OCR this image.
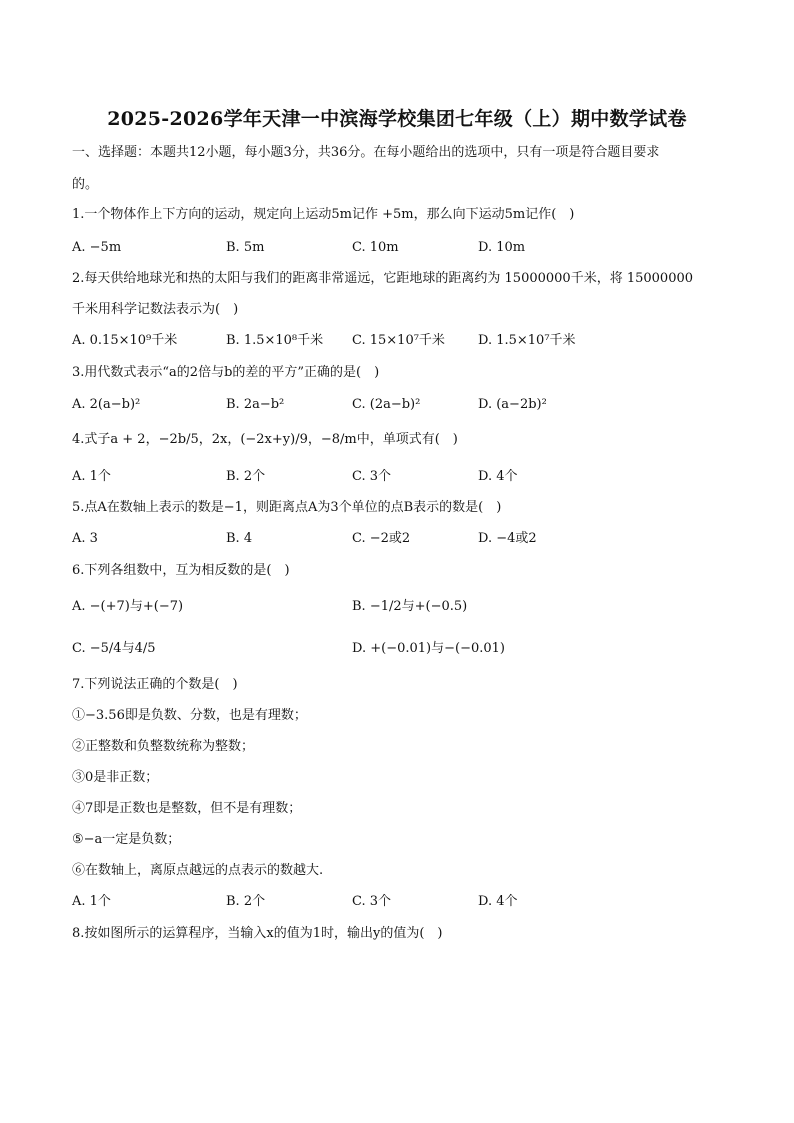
2025-2026学年天津一中滨海学校集团七年级（上）期中数学试卷
一、选择题：本题共12小题，每小题3分，共36分。在每小题给出的选项中，只有一项是符合题目要求
的。
1.一个物体作上下方向的运动，规定向上运动5m记作 +5m，那么向下运动5m记作(　)
A. −5m	B. 5m	C. 10m	D. 10m
2.每天供给地球光和热的太阳与我们的距离非常遥远，它距地球的距离约为 15000000千米，将 15000000
千米用科学记数法表示为(　)
A. 0.15×10⁹千米	B. 1.5×10⁸千米 C. 15×10⁷千米	D. 1.5×10⁷千米
3.用代数式表示“a的2倍与b的差的平方”正确的是(　)
A. 2(a−b)²	B. 2a−b²	C. (2a−b)²	D. (a−2b)²
4.式子a + 2，−2b/5，2x，(−2x+y)/9，−8/m中，单项式有(　)
A. 1个	B. 2个	C. 3个	D. 4个
5.点A在数轴上表示的数是−1，则距离点A为3个单位的点B表示的数是(　)
A. 3	B. 4	C. −2或2	D. −4或2
6.下列各组数中，互为相反数的是(　)
A. −(+7)与+(−7)	B. −1/2与+(−0.5)
C. −5/4与4/5	D. +(−0.01)与−(−0.01)
7.下列说法正确的个数是(　)
①−3.56即是负数、分数，也是有理数；
②正整数和负整数统称为整数；
③0是非正数；
④7即是正数也是整数，但不是有理数；
⑤−a一定是负数；
⑥在数轴上，离原点越远的点表示的数越大.
A. 1个	B. 2个	C. 3个	D. 4个
8.按如图所示的运算程序，当输入x的值为1时，输出y的值为(　)
